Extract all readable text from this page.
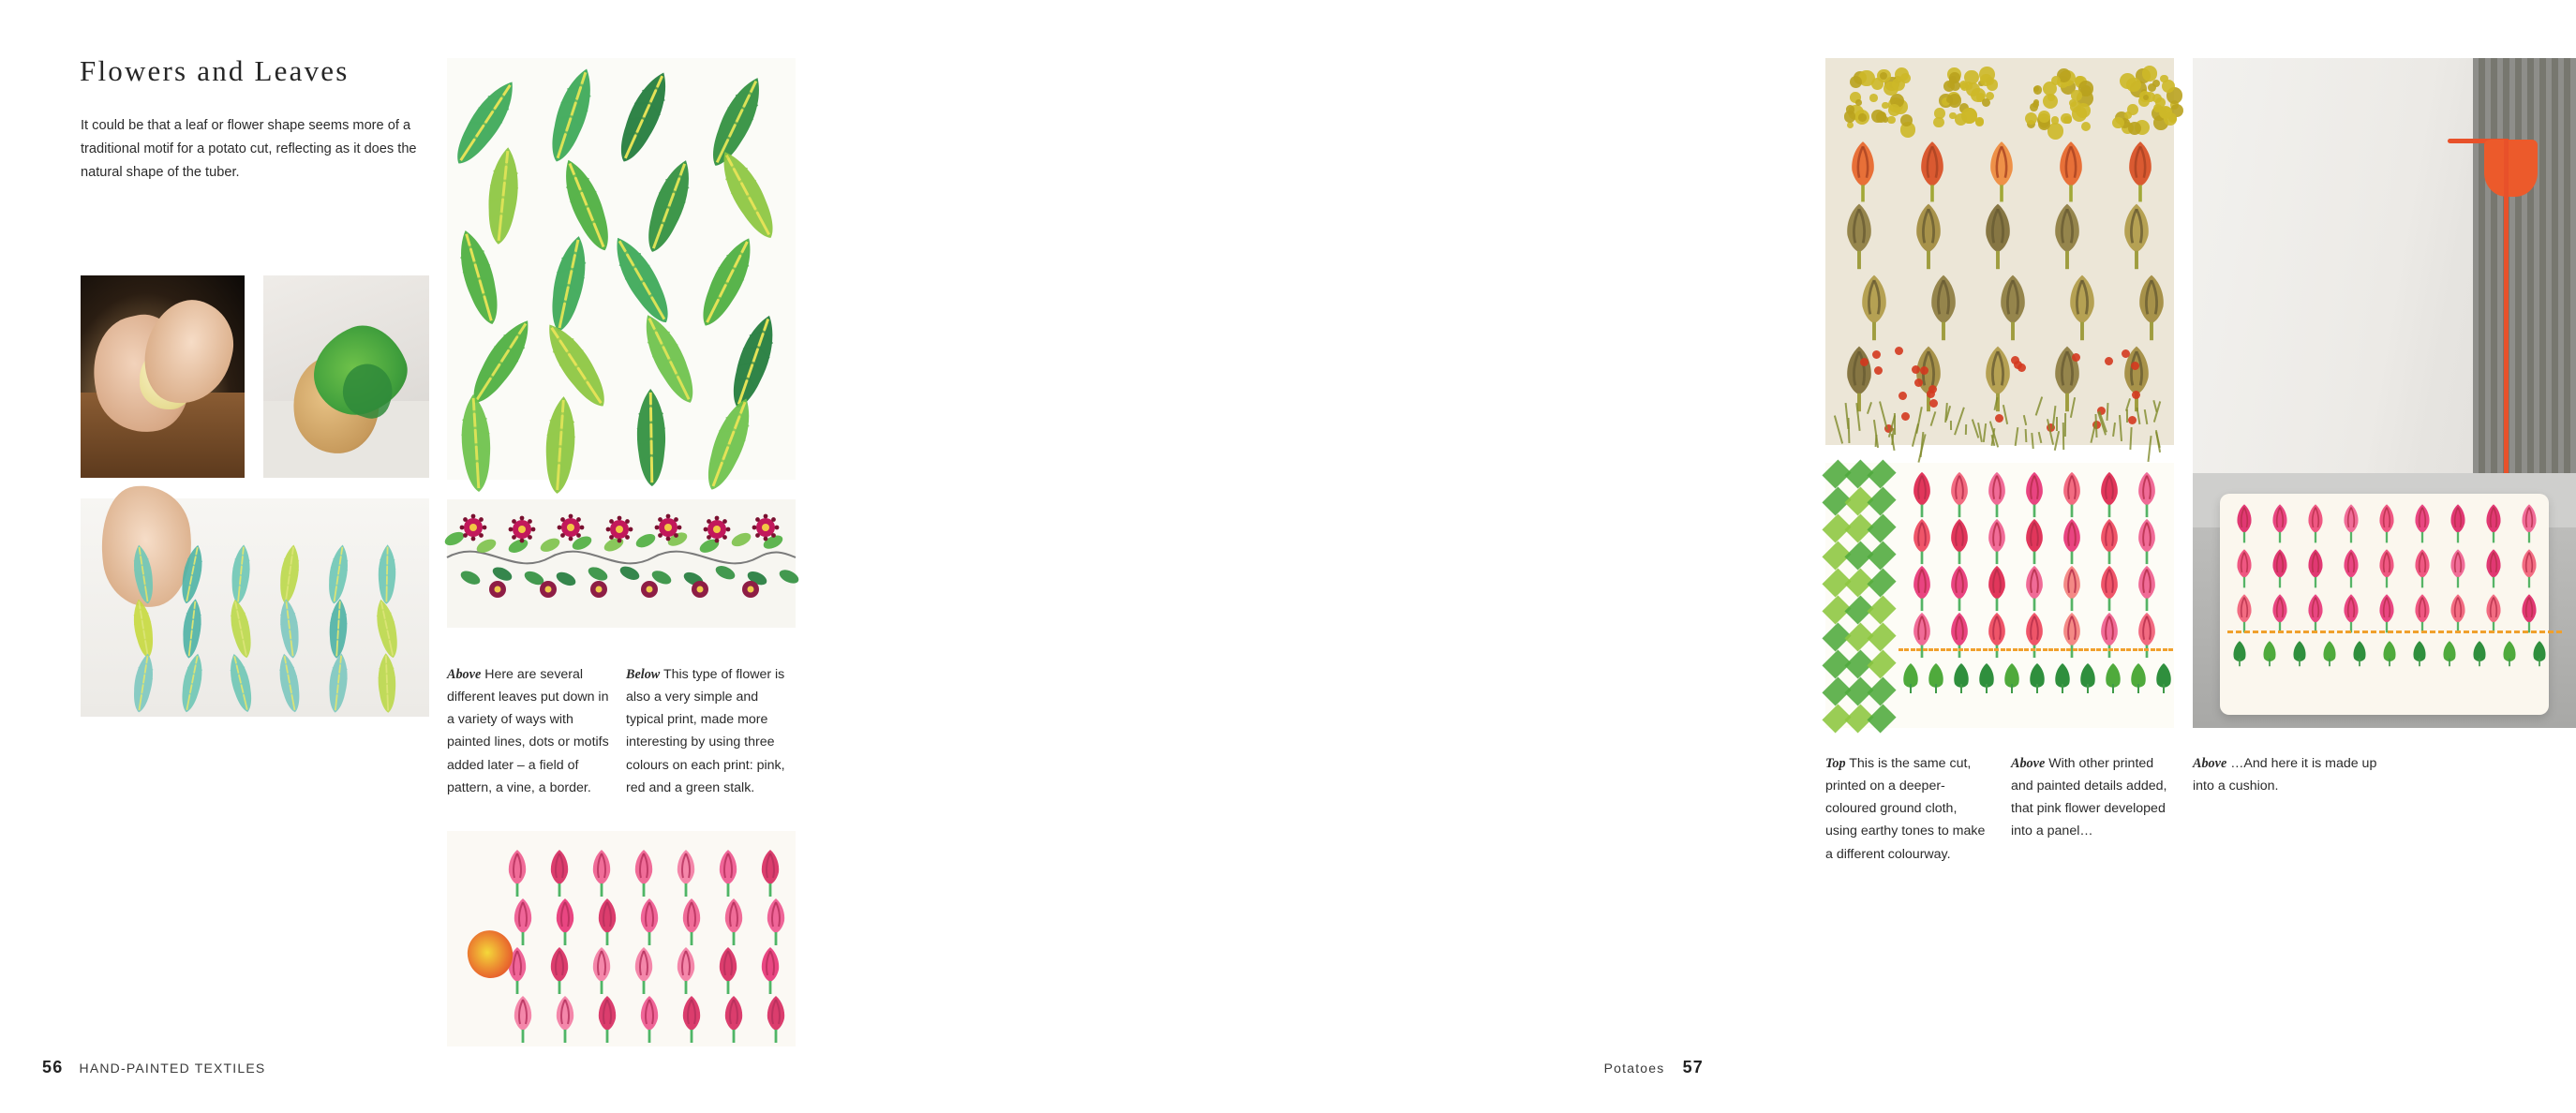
Flowers and Leaves
It could be that a leaf or flower shape seems more of a traditional motif for a potato cut, reflecting as it does the natural shape of the tuber.
Above Here are several different leaves put down in a variety of ways with painted lines, dots or motifs added later – a field of pattern, a vine, a border.
Below This type of flower is also a very simple and typical print, made more interesting by using three colours on each print: pink, red and a green stalk.
56 HAND-PAINTED TEXTILES
Top This is the same cut, printed on a deeper-coloured ground cloth, using earthy tones to make a different colourway.
Above With other printed and painted details added, that pink flower developed into a panel…
Above …And here it is made up into a cushion.
Potatoes 57
